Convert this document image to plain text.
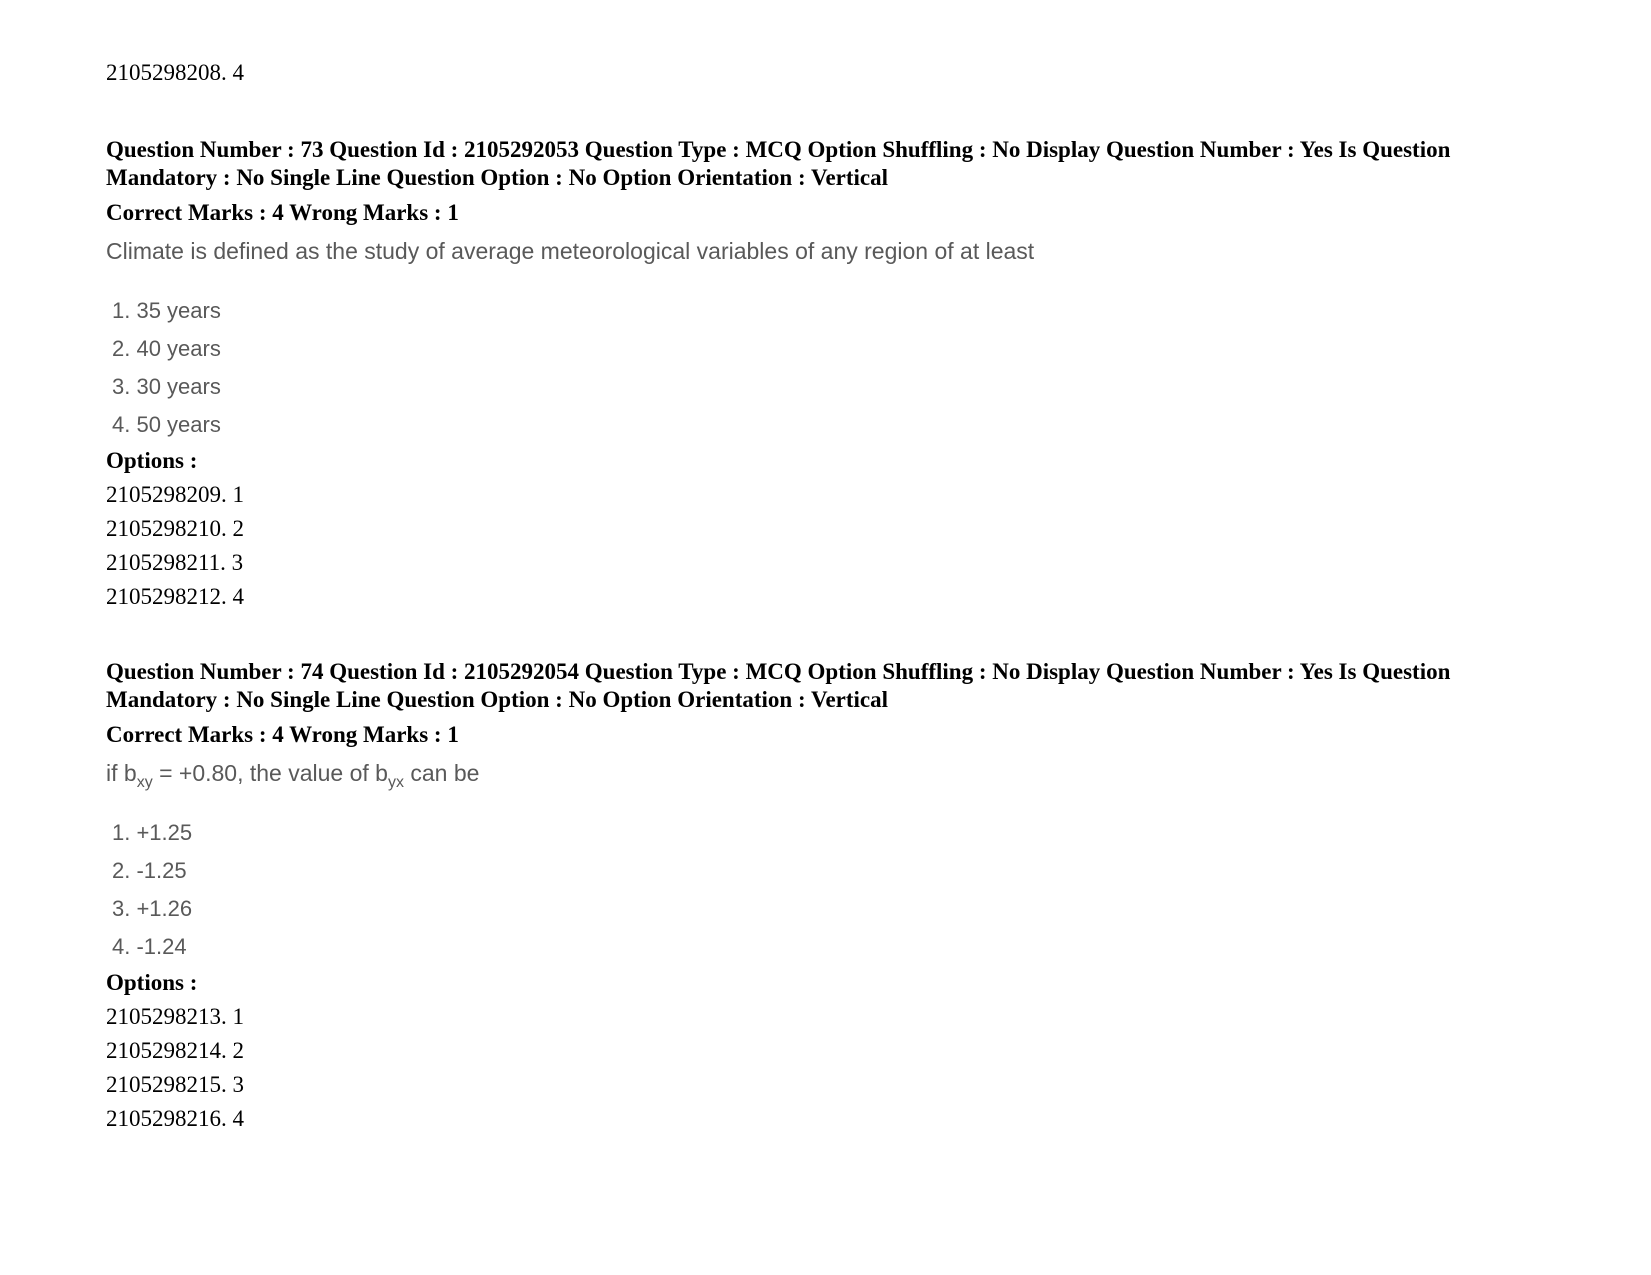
2105298208. 4
Question Number : 73 Question Id : 2105292053 Question Type : MCQ Option Shuffling : No Display Question Number : Yes Is Question Mandatory : No Single Line Question Option : No Option Orientation : Vertical
Correct Marks : 4 Wrong Marks : 1
Climate is defined as the study of average meteorological variables of any region of at least
1. 35 years
2. 40 years
3. 30 years
4. 50 years
Options :
2105298209. 1
2105298210. 2
2105298211. 3
2105298212. 4
Question Number : 74 Question Id : 2105292054 Question Type : MCQ Option Shuffling : No Display Question Number : Yes Is Question Mandatory : No Single Line Question Option : No Option Orientation : Vertical
Correct Marks : 4 Wrong Marks : 1
if $b_{xy} = +0.80$, the value of $b_{yx}$ can be
1. +1.25
2. -1.25
3. +1.26
4. -1.24
Options :
2105298213. 1
2105298214. 2
2105298215. 3
2105298216. 4
